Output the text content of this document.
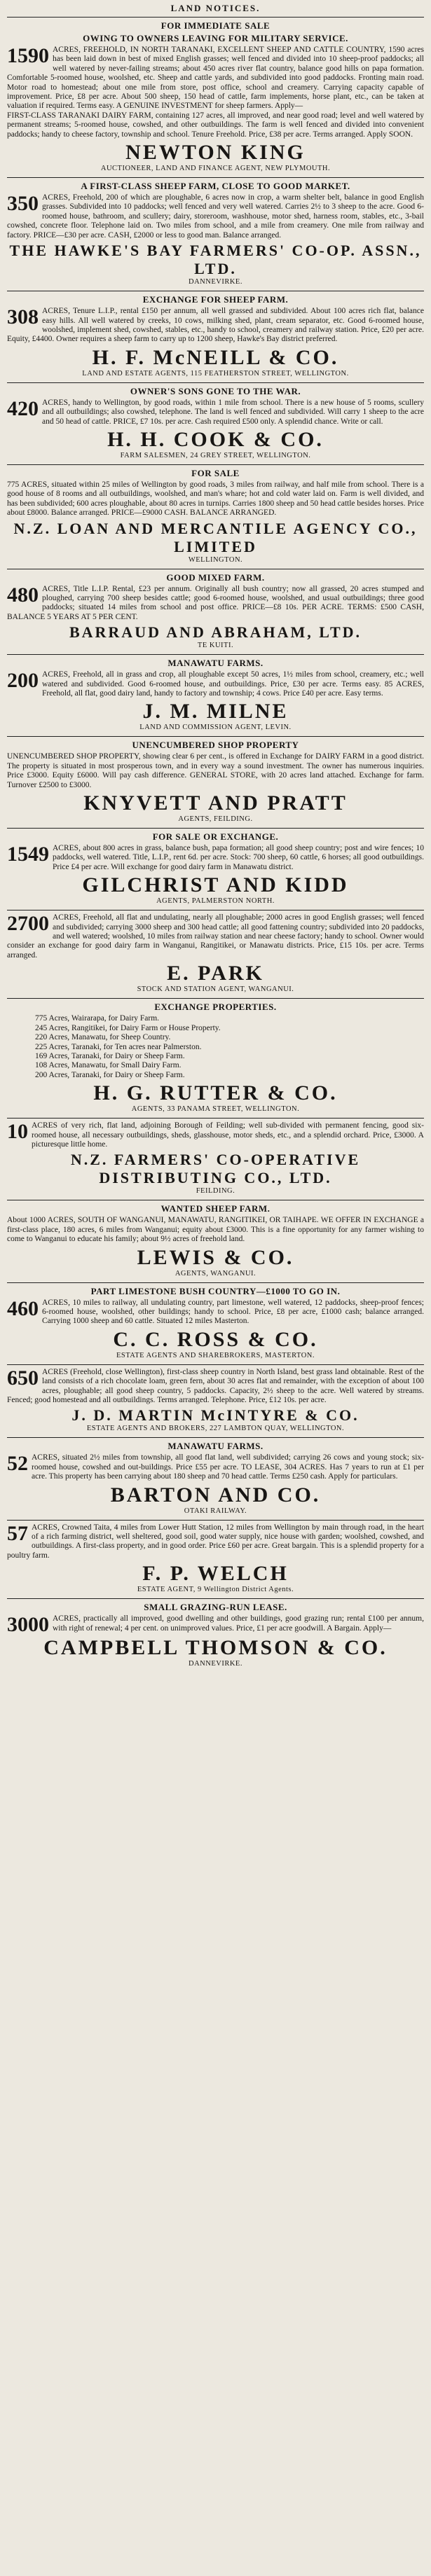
LAND NOTICES.
FOR IMMEDIATE SALE
OWING TO OWNERS LEAVING FOR MILITARY SERVICE.
1590 ACRES, FREEHOLD, IN NORTH TARANAKI, EXCELLENT SHEEP AND CATTLE COUNTRY, 1590 acres has been laid down in best of mixed English grasses; well fenced and divided into 10 sheep-proof paddocks; all well watered by never-failing streams; about 450 acres river flat country, balance good hills on papa formation. Comfortable 5-roomed house, woolshed, etc. Sheep and cattle yards, and subdivided into good paddocks. Fronting main road. Motor road to homestead; about one mile from store, post office, school and creamery. Carrying capacity capable of improvement. Price, £8 per acre. About 500 sheep, 150 head of cattle, farm implements, horse plant, etc., can be taken at valuation if required. Terms easy. A GENUINE INVESTMENT for sheep farmers. Apply—
FIRST-CLASS TARANAKI DAIRY FARM, containing 127 acres, all improved, and near good road; level and well watered by permanent streams; 5-roomed house, cowshed, and other outbuildings. The farm is well fenced and divided into convenient paddocks; handy to cheese factory, township and school. Tenure Freehold. Price, £38 per acre. Terms arranged. Apply SOON.
NEWTON KING
AUCTIONEER, LAND AND FINANCE AGENT, NEW PLYMOUTH.
A FIRST-CLASS SHEEP FARM, CLOSE TO GOOD MARKET.
350 ACRES, Freehold, 200 of which are ploughable, 6 acres now in crop, a warm shelter belt, balance in good English grasses. Subdivided into 10 paddocks; well fenced and very well watered. Carries 2½ to 3 sheep to the acre. Good 6-roomed house, bathroom, and scullery; dairy, storeroom, washhouse, motor shed, harness room, stables, etc., 3-bail cowshed, concrete floor. Telephone laid on. Two miles from school, and a mile from creamery. One mile from railway and factory. PRICE—£30 per acre. CASH, £2000 or less to good man. Balance arranged.
THE HAWKE'S BAY FARMERS' CO-OP. ASSN., LTD.
DANNEVIRKE.
EXCHANGE FOR SHEEP FARM.
308 ACRES, Tenure L.I.P., rental £150 per annum, all well grassed and subdivided. About 100 acres rich flat, balance easy hills. All well watered by creeks, 10 cows, milking shed, plant, cream separator, etc. Good 6-roomed house, woolshed, implement shed, cowshed, stables, etc., handy to school, creamery and railway station. Price, £20 per acre. Equity, £4400. Owner requires a sheep farm to carry up to 1200 sheep, Hawke's Bay district preferred.
H. F. McNEILL & CO.
LAND AND ESTATE AGENTS, 115 FEATHERSTON STREET, WELLINGTON.
OWNER'S SONS GONE TO THE WAR.
420 ACRES, handy to Wellington, by good roads, within 1 mile from school. There is a new house of 5 rooms, scullery and all outbuildings; also cowshed, telephone. The land is well fenced and subdivided. Will carry 1 sheep to the acre and 50 head of cattle. PRICE, £7 10s. per acre. Cash required £500 only. A splendid chance. Write or call.
H. H. COOK & CO.
FARM SALESMEN, 24 GREY STREET, WELLINGTON.
FOR SALE
775 ACRES, situated within 25 miles of Wellington by good roads, 3 miles from railway, and half mile from school. There is a good house of 8 rooms and all outbuildings, woolshed, and man's whare; hot and cold water laid on. Farm is well divided, and has been subdivided; 600 acres ploughable, about 80 acres in turnips. Carries 1800 sheep and 50 head cattle besides horses. Price about £8000. Balance arranged. PRICE—£9000 CASH. BALANCE ARRANGED.
N.Z. LOAN AND MERCANTILE AGENCY CO., LIMITED
WELLINGTON.
GOOD MIXED FARM.
480 ACRES, Title L.I.P. Rental, £23 per annum. Originally all bush country; now all grassed, 20 acres stumped and ploughed, carrying 700 sheep besides cattle; good 6-roomed house, woolshed, and usual outbuildings; three good paddocks; situated 14 miles from school and post office. PRICE—£8 10s. PER ACRE. TERMS: £500 CASH, BALANCE 5 YEARS AT 5 PER CENT.
BARRAUD AND ABRAHAM, LTD.
TE KUITI.
MANAWATU FARMS.
200 ACRES, Freehold, all in grass and crop, all ploughable except 50 acres, 1½ miles from school, creamery, etc.; well watered and subdivided. Good 6-roomed house, and outbuildings. Price, £30 per acre. Terms easy. 85 ACRES, Freehold, all flat, good dairy land, handy to factory and township; 4 cows. Price £40 per acre. Easy terms.
J. M. MILNE
LAND AND COMMISSION AGENT, LEVIN.
UNENCUMBERED SHOP PROPERTY
UNENCUMBERED SHOP PROPERTY, showing clear 6 per cent., is offered in Exchange for DAIRY FARM in a good district. The property is situated in most prosperous town, and in every way a sound investment. The owner has numerous inquiries. Price £3000. Equity £6000. Will pay cash difference. GENERAL STORE, with 20 acres land attached. Exchange for farm. Turnover £2500 to £3000.
KNYVETT AND PRATT
AGENTS, FEILDING.
FOR SALE OR EXCHANGE.
1549 ACRES, about 800 acres in grass, balance bush, papa formation; all good sheep country; post and wire fences; 10 paddocks, well watered. Title, L.I.P., rent 6d. per acre. Stock: 700 sheep, 60 cattle, 6 horses; all good outbuildings. Price £4 per acre. Will exchange for good dairy farm in Manawatu district.
GILCHRIST AND KIDD
AGENTS, PALMERSTON NORTH.
2700 ACRES, Freehold, all flat and undulating, nearly all ploughable; 2000 acres in good English grasses; well fenced and subdivided; carrying 3000 sheep and 300 head cattle; all good fattening country; subdivided into 20 paddocks, and well watered; woolshed, 10 miles from railway station and near cheese factory; handy to school. Owner would consider an exchange for good dairy farm in Wanganui, Rangitikei, or Manawatu districts. Price, £15 10s. per acre. Terms arranged.
E. PARK
STOCK AND STATION AGENT, WANGANUI.
EXCHANGE PROPERTIES.
775 Acres, Wairarapa, for Dairy Farm.
245 Acres, Rangitikei, for Dairy Farm or House Property.
220 Acres, Manawatu, for Sheep Country.
225 Acres, Taranaki, for Ten acres near Palmerston.
169 Acres, Taranaki, for Dairy or Sheep Farm.
108 Acres, Manawatu, for Small Dairy Farm.
200 Acres, Taranaki, for Dairy or Sheep Farm.
H. G. RUTTER & CO.
AGENTS, 33 PANAMA STREET, WELLINGTON.
10 ACRES of very rich, flat land, adjoining Borough of Feilding; well sub-divided with permanent fencing, good six-roomed house, all necessary outbuildings, sheds, glasshouse, motor sheds, etc., and a splendid orchard. Price, £3000. A picturesque little home.
N.Z. FARMERS' CO-OPERATIVE DISTRIBUTING CO., LTD.
FEILDING.
WANTED SHEEP FARM.
About 1000 ACRES, SOUTH OF WANGANUI, MANAWATU, RANGITIKEI, OR TAIHAPE. WE OFFER IN EXCHANGE a first-class place, 180 acres, 6 miles from Wanganui; equity about £3000. This is a fine opportunity for any farmer wishing to come to Wanganui to educate his family; about 9½ acres of freehold land.
LEWIS & CO.
AGENTS, WANGANUI.
PART LIMESTONE BUSH COUNTRY—£1000 TO GO IN.
460 ACRES, 10 miles to railway, all undulating country, part limestone, well watered, 12 paddocks, sheep-proof fences; 6-roomed house, woolshed, other buildings; handy to school. Price, £8 per acre, £1000 cash; balance arranged. Carrying 1000 sheep and 60 cattle. Situated 12 miles Masterton.
C. C. ROSS & CO.
ESTATE AGENTS AND SHAREBROKERS, MASTERTON.
650 ACRES (Freehold, close Wellington), first-class sheep country in North Island, best grass land obtainable. Rest of the land consists of a rich chocolate loam, green fern, about 30 acres flat and remainder, with the exception of about 100 acres, ploughable; all good sheep country, 5 paddocks. Capacity, 2½ sheep to the acre. Well watered by streams. Fenced; good homestead and all outbuildings. Terms arranged. Telephone. Price, £12 10s. per acre.
J. D. MARTIN McINTYRE & CO.
ESTATE AGENTS AND BROKERS, 227 LAMBTON QUAY, WELLINGTON.
MANAWATU FARMS.
52 ACRES, situated 2½ miles from township, all good flat land, well subdivided; carrying 26 cows and young stock; six-roomed house, cowshed and out-buildings. Price £55 per acre. TO LEASE, 304 ACRES. Has 7 years to run at £1 per acre. This property has been carrying about 180 sheep and 70 head cattle. Terms £250 cash. Apply for particulars.
BARTON AND CO.
OTAKI RAILWAY.
57 ACRES, Crowned Taita, 4 miles from Lower Hutt Station, 12 miles from Wellington by main through road, in the heart of a rich farming district, well sheltered, good soil, good water supply, nice house with garden; woolshed, cowshed, and outbuildings. A first-class property, and in good order. Price £60 per acre. Great bargain. This is a splendid property for a poultry farm.
F. P. WELCH
ESTATE AGENT, 9 Wellington District Agents.
SMALL GRAZING-RUN LEASE.
3000 ACRES, practically all improved, good dwelling and other buildings, good grazing run; rental £100 per annum, with right of renewal; 4 per cent. on unimproved values. Price, £1 per acre goodwill. A Bargain. Apply—
CAMPBELL THOMSON & CO.
DANNEVIRKE.
